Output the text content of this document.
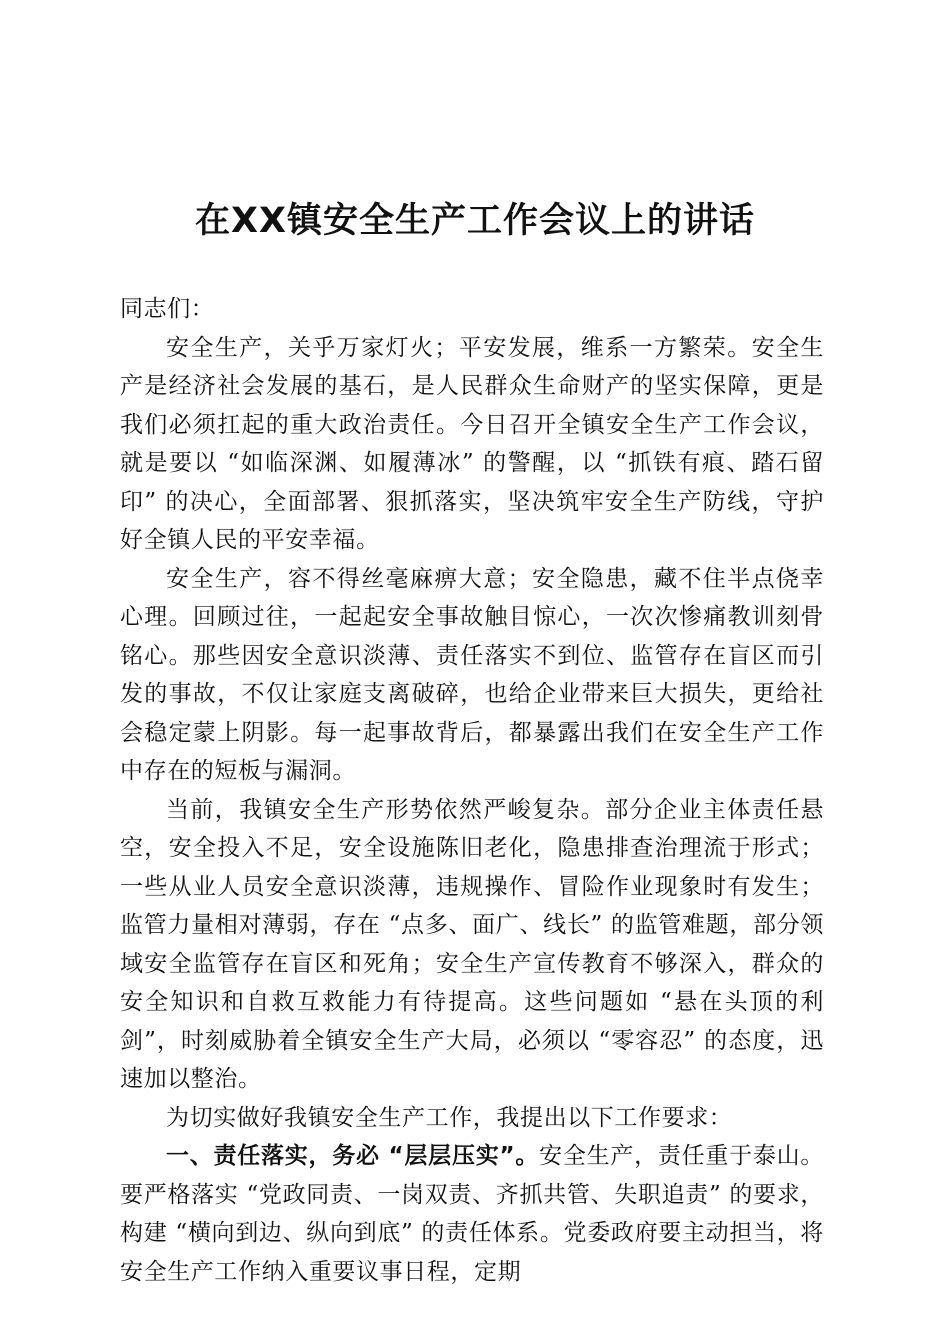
在XX镇安全生产工作会议上的讲话

同志们：

安全生产，关乎万家灯火；平安发展，维系一方繁荣。安全生产是经济社会发展的基石，是人民群众生命财产的坚实保障，更是我们必须扛起的重大政治责任。今日召开全镇安全生产工作会议，就是要以 “如临深渊、如履薄冰” 的警醒，以 “抓铁有痕、踏石留印” 的决心，全面部署、狠抓落实，坚决筑牢安全生产防线，守护好全镇人民的平安幸福。

安全生产，容不得丝毫麻痹大意；安全隐患，藏不住半点侥幸心理。回顾过往，一起起安全事故触目惊心，一次次惨痛教训刻骨铭心。那些因安全意识淡薄、责任落实不到位、监管存在盲区而引发的事故，不仅让家庭支离破碎，也给企业带来巨大损失，更给社会稳定蒙上阴影。每一起事故背后，都暴露出我们在安全生产工作中存在的短板与漏洞。

当前，我镇安全生产形势依然严峻复杂。部分企业主体责任悬空，安全投入不足，安全设施陈旧老化，隐患排查治理流于形式；一些从业人员安全意识淡薄，违规操作、冒险作业现象时有发生；监管力量相对薄弱，存在 “点多、面广、线长” 的监管难题，部分领域安全监管存在盲区和死角；安全生产宣传教育不够深入，群众的安全知识和自救互救能力有待提高。这些问题如 “悬在头顶的利剑”，时刻威胁着全镇安全生产大局，必须以 “零容忍” 的态度，迅速加以整治。

为切实做好我镇安全生产工作，我提出以下工作要求：

一、责任落实，务必 “层层压实”。安全生产，责任重于泰山。要严格落实 “党政同责、一岗双责、齐抓共管、失职追责” 的要求，构建 “横向到边、纵向到底” 的责任体系。党委政府要主动担当，将安全生产工作纳入重要议事日程，定期
